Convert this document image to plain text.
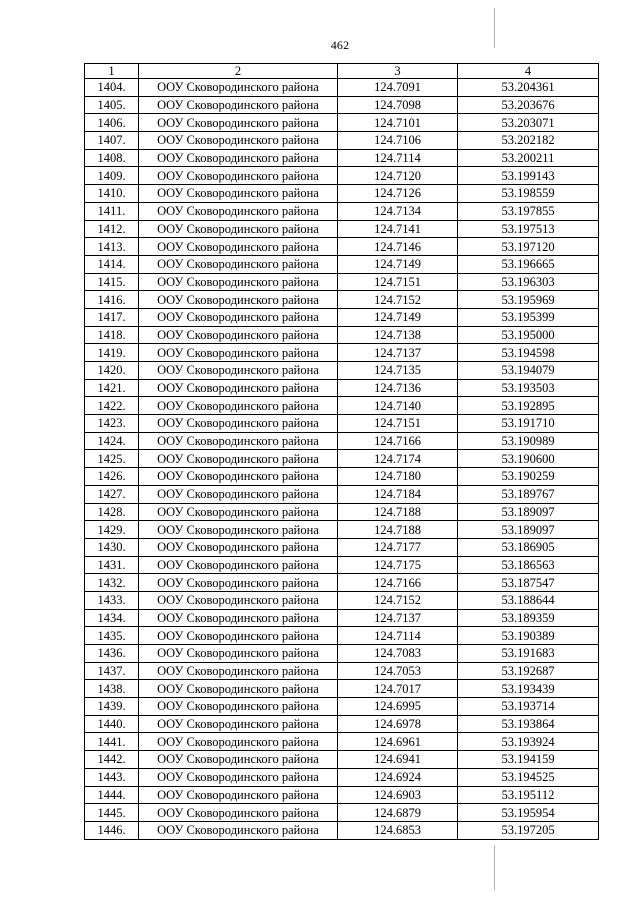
462
1	2	3	4
1404.	ООУ Сковородинского района	124.7091	53.204361
1405.	ООУ Сковородинского района	124.7098	53.203676
1406.	ООУ Сковородинского района	124.7101	53.203071
1407.	ООУ Сковородинского района	124.7106	53.202182
1408.	ООУ Сковородинского района	124.7114	53.200211
1409.	ООУ Сковородинского района	124.7120	53.199143
1410.	ООУ Сковородинского района	124.7126	53.198559
1411.	ООУ Сковородинского района	124.7134	53.197855
1412.	ООУ Сковородинского района	124.7141	53.197513
1413.	ООУ Сковородинского района	124.7146	53.197120
1414.	ООУ Сковородинского района	124.7149	53.196665
1415.	ООУ Сковородинского района	124.7151	53.196303
1416.	ООУ Сковородинского района	124.7152	53.195969
1417.	ООУ Сковородинского района	124.7149	53.195399
1418.	ООУ Сковородинского района	124.7138	53.195000
1419.	ООУ Сковородинского района	124.7137	53.194598
1420.	ООУ Сковородинского района	124.7135	53.194079
1421.	ООУ Сковородинского района	124.7136	53.193503
1422.	ООУ Сковородинского района	124.7140	53.192895
1423.	ООУ Сковородинского района	124.7151	53.191710
1424.	ООУ Сковородинского района	124.7166	53.190989
1425.	ООУ Сковородинского района	124.7174	53.190600
1426.	ООУ Сковородинского района	124.7180	53.190259
1427.	ООУ Сковородинского района	124.7184	53.189767
1428.	ООУ Сковородинского района	124.7188	53.189097
1429.	ООУ Сковородинского района	124.7188	53.189097
1430.	ООУ Сковородинского района	124.7177	53.186905
1431.	ООУ Сковородинского района	124.7175	53.186563
1432.	ООУ Сковородинского района	124.7166	53.187547
1433.	ООУ Сковородинского района	124.7152	53.188644
1434.	ООУ Сковородинского района	124.7137	53.189359
1435.	ООУ Сковородинского района	124.7114	53.190389
1436.	ООУ Сковородинского района	124.7083	53.191683
1437.	ООУ Сковородинского района	124.7053	53.192687
1438.	ООУ Сковородинского района	124.7017	53.193439
1439.	ООУ Сковородинского района	124.6995	53.193714
1440.	ООУ Сковородинского района	124.6978	53.193864
1441.	ООУ Сковородинского района	124.6961	53.193924
1442.	ООУ Сковородинского района	124.6941	53.194159
1443.	ООУ Сковородинского района	124.6924	53.194525
1444.	ООУ Сковородинского района	124.6903	53.195112
1445.	ООУ Сковородинского района	124.6879	53.195954
1446.	ООУ Сковородинского района	124.6853	53.197205
